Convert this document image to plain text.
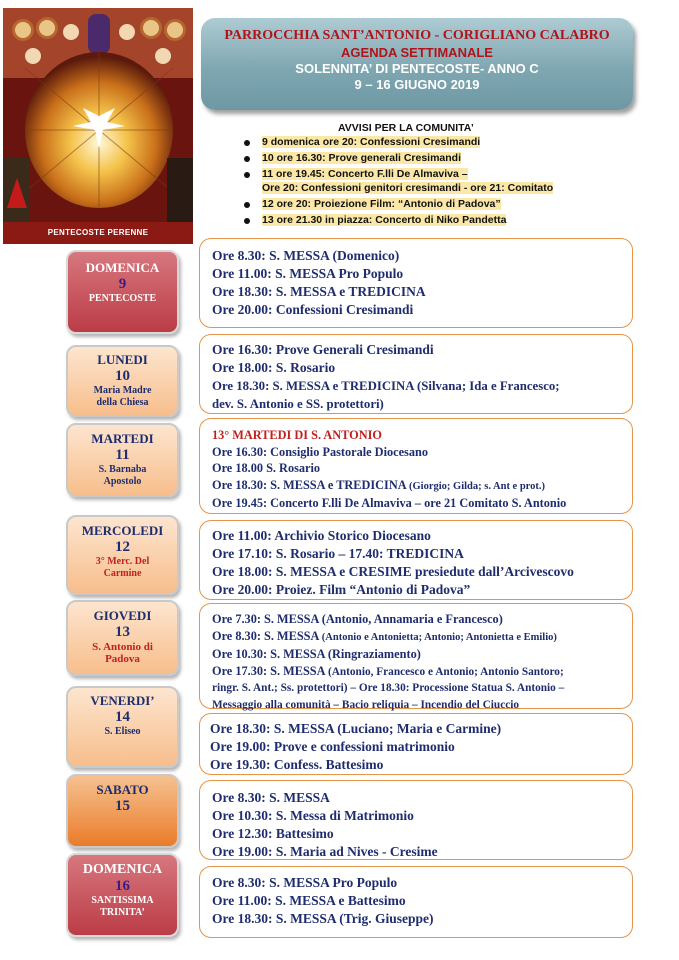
PENTECOSTE PERENNE
PARROCCHIA SANT’ANTONIO - CORIGLIANO CALABRO
AGENDA SETTIMANALE
SOLENNITA’ DI PENTECOSTE- ANNO C
9 – 16 GIUGNO 2019
AVVISI PER LA COMUNITA’
9 domenica ore 20: Confessioni Cresimandi
10 ore 16.30: Prove generali Cresimandi
11 ore 19.45: Concerto F.lli De Almaviva –
Ore 20: Confessioni genitori cresimandi - ore 21: Comitato
12 ore 20: Proiezione Film: “Antonio di Padova”
13 ore 21.30 in piazza: Concerto di Niko Pandetta
DOMENICA
9
PENTECOSTE
Ore 8.30: S. MESSA (Domenico)
Ore 11.00: S. MESSA Pro Populo
Ore 18.30: S. MESSA e TREDICINA
Ore 20.00: Confessioni Cresimandi
LUNEDI
10
Maria Madre
della Chiesa
Ore 16.30: Prove Generali Cresimandi
Ore 18.00: S. Rosario
Ore 18.30: S. MESSA e TREDICINA (Silvana; Ida e Francesco;
dev. S. Antonio e SS. protettori)
MARTEDI
11
S. Barnaba
Apostolo
13° MARTEDI DI S. ANTONIO
Ore 16.30: Consiglio Pastorale Diocesano
Ore 18.00 S. Rosario
Ore 18.30: S. MESSA e TREDICINA (Giorgio; Gilda; s. Ant e prot.)
Ore 19.45: Concerto F.lli De Almaviva – ore 21 Comitato S. Antonio
MERCOLEDI
12
3° Merc. Del
Carmine
Ore 11.00: Archivio Storico Diocesano
Ore 17.10: S. Rosario – 17.40: TREDICINA
Ore 18.00: S. MESSA e CRESIME presiedute dall’Arcivescovo
Ore 20.00: Proiez. Film “Antonio di Padova”
GIOVEDI
13
S. Antonio di
Padova
Ore 7.30: S. MESSA (Antonio, Annamaria e Francesco)
Ore 8.30: S. MESSA (Antonio e Antonietta; Antonio; Antonietta e Emilio)
Ore 10.30: S. MESSA (Ringraziamento)
Ore 17.30: S. MESSA (Antonio, Francesco e Antonio; Antonio Santoro;
ringr. S. Ant.; Ss. protettori) – Ore 18.30: Processione Statua S. Antonio –
Messaggio alla comunità – Bacio reliquia – Incendio del Ciuccio
VENERDI’
14
S. Eliseo	Ore 18.30: S. MESSA (Luciano; Maria e Carmine)
Ore 19.00: Prove e confessioni matrimonio
Ore 19.30: Confess. Battesimo
SABATO
15
Ore 8.30: S. MESSA
Ore 10.30: S. Messa di Matrimonio
Ore 12.30: Battesimo
Ore 19.00: S. Maria ad Nives - Cresime
DOMENICA
16
SANTISSIMA
TRINITA’
Ore 8.30: S. MESSA Pro Populo
Ore 11.00: S. MESSA e Battesimo
Ore 18.30: S. MESSA (Trig. Giuseppe)
